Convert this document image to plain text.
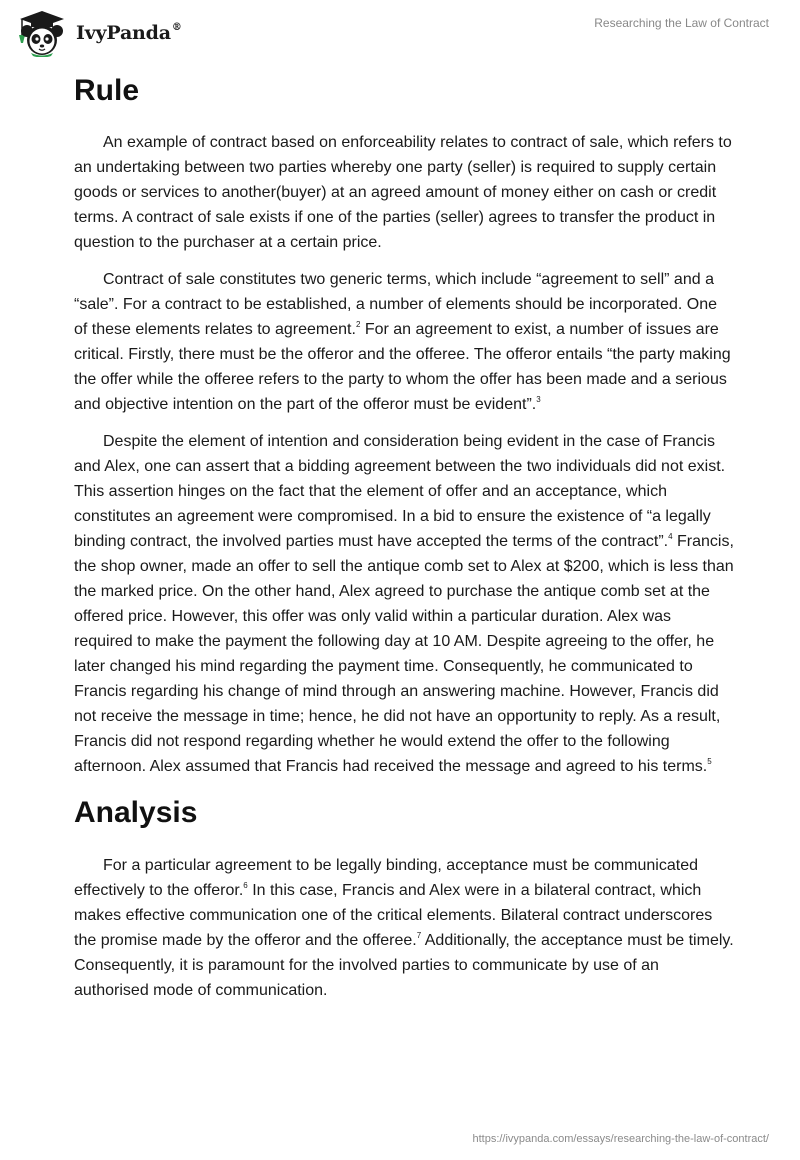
IvyPanda®	Researching the Law of Contract
Rule

An example of contract based on enforceability relates to contract of sale, which refers to an undertaking between two parties whereby one party (seller) is required to supply certain goods or services to another(buyer) at an agreed amount of money either on cash or credit terms. A contract of sale exists if one of the parties (seller) agrees to transfer the product in question to the purchaser at a certain price.

Contract of sale constitutes two generic terms, which include “agreement to sell” and a “sale”. For a contract to be established, a number of elements should be incorporated. One of these elements relates to agreement.$^2$ For an agreement to exist, a number of issues are critical. Firstly, there must be the offeror and the offeree. The offeror entails “the party making the offer while the offeree refers to the party to whom the offer has been made and a serious and objective intention on the part of the offeror must be evident”.$^3$

Despite the element of intention and consideration being evident in the case of Francis and Alex, one can assert that a bidding agreement between the two individuals did not exist. This assertion hinges on the fact that the element of offer and an acceptance, which constitutes an agreement were compromised. In a bid to ensure the existence of “a legally binding contract, the involved parties must have accepted the terms of the contract”.$^4$ Francis, the shop owner, made an offer to sell the antique comb set to Alex at $200, which is less than the marked price. On the other hand, Alex agreed to purchase the antique comb set at the offered price. However, this offer was only valid within a particular duration. Alex was required to make the payment the following day at 10 AM. Despite agreeing to the offer, he later changed his mind regarding the payment time. Consequently, he communicated to Francis regarding his change of mind through an answering machine. However, Francis did not receive the message in time; hence, he did not have an opportunity to reply. As a result, Francis did not respond regarding whether he would extend the offer to the following afternoon. Alex assumed that Francis had received the message and agreed to his terms.$^5$

Analysis

For a particular agreement to be legally binding, acceptance must be communicated effectively to the offeror.$^6$ In this case, Francis and Alex were in a bilateral contract, which makes effective communication one of the critical elements. Bilateral contract underscores the promise made by the offeror and the offeree.$^7$ Additionally, the acceptance must be timely. Consequently, it is paramount for the involved parties to communicate by use of an authorised mode of communication.

https://ivypanda.com/essays/researching-the-law-of-contract/
